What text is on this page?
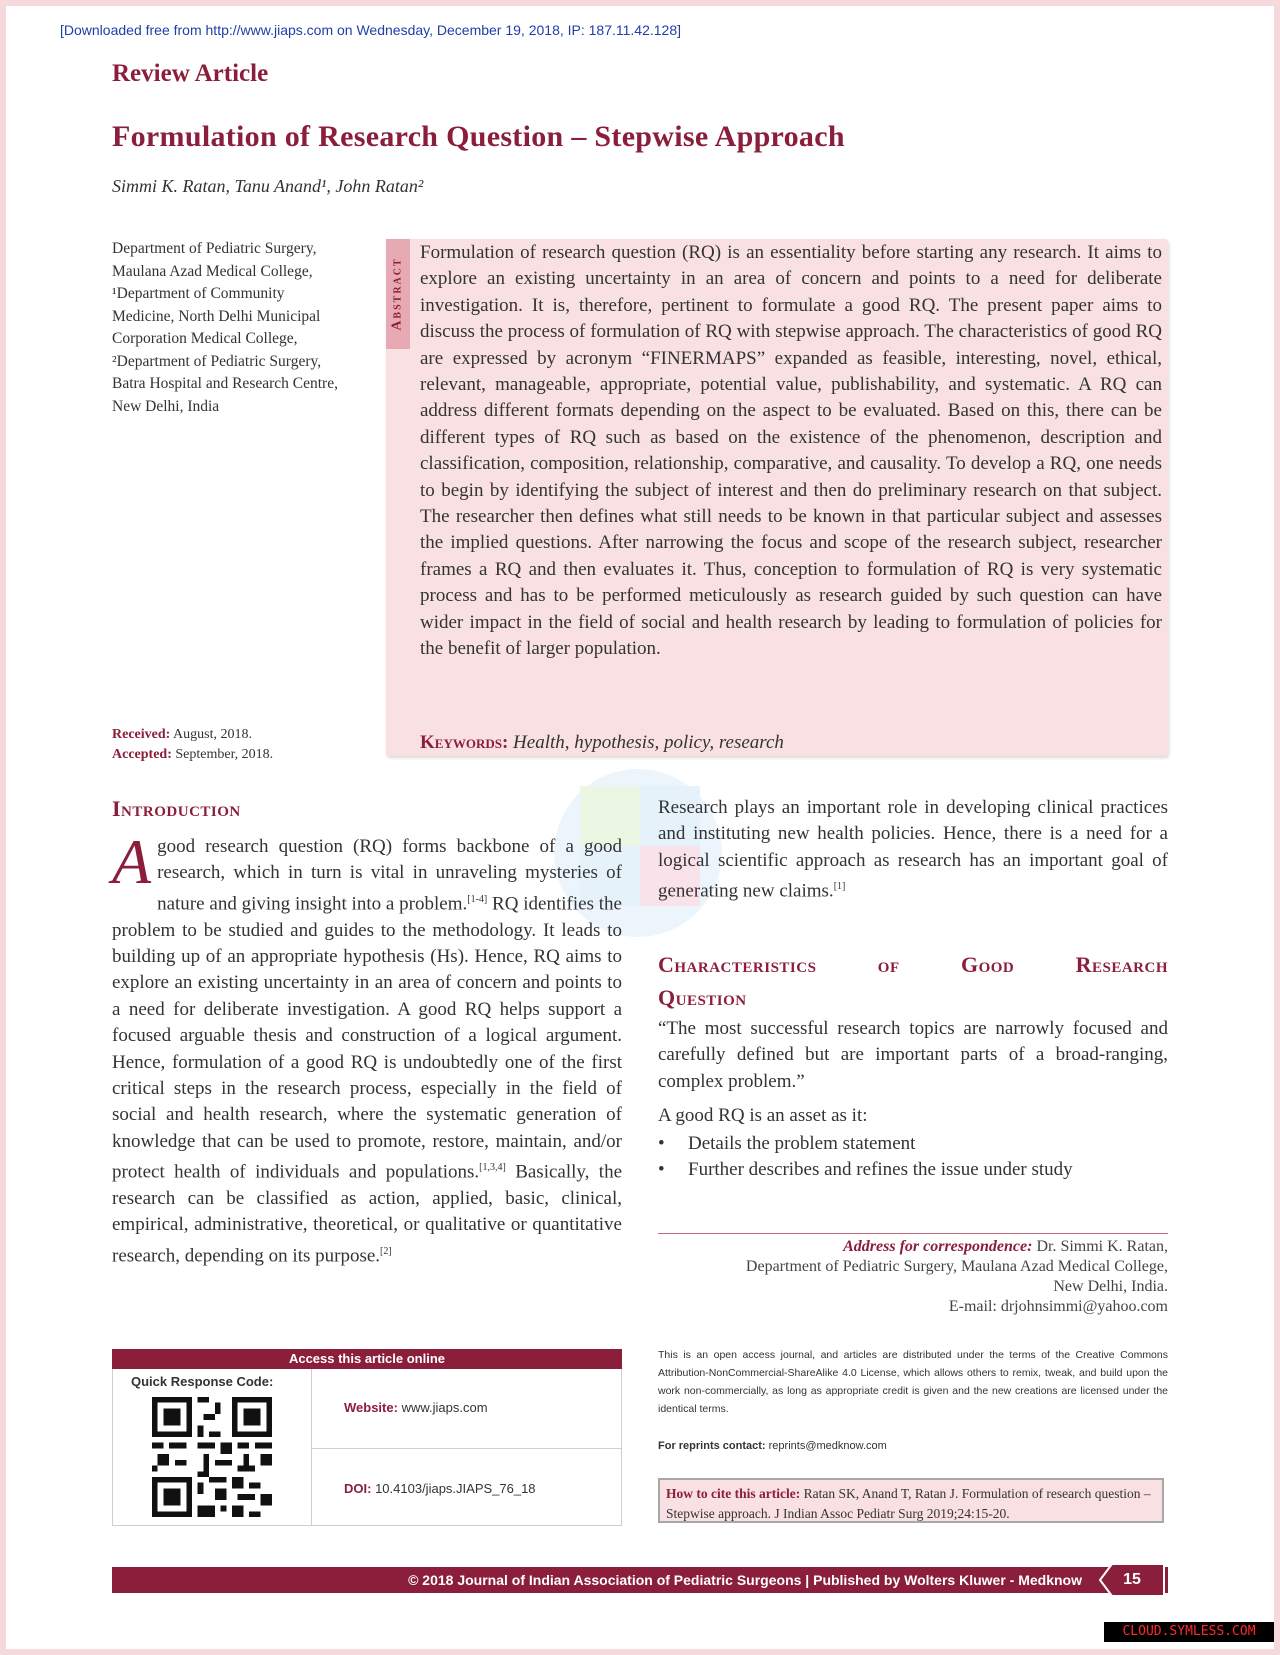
[Downloaded free from http://www.jiaps.com on Wednesday, December 19, 2018, IP: 187.11.42.128]
Review Article
Formulation of Research Question – Stepwise Approach
Simmi K. Ratan, Tanu Anand¹, John Ratan²
Department of Pediatric Surgery, Maulana Azad Medical College, ¹Department of Community Medicine, North Delhi Municipal Corporation Medical College, ²Department of Pediatric Surgery, Batra Hospital and Research Centre, New Delhi, India
Received: August, 2018.
Accepted: September, 2018.
Abstract
Formulation of research question (RQ) is an essentiality before starting any research. It aims to explore an existing uncertainty in an area of concern and points to a need for deliberate investigation. It is, therefore, pertinent to formulate a good RQ. The present paper aims to discuss the process of formulation of RQ with stepwise approach. The characteristics of good RQ are expressed by acronym “FINERMAPS” expanded as feasible, interesting, novel, ethical, relevant, manageable, appropriate, potential value, publishability, and systematic. A RQ can address different formats depending on the aspect to be evaluated. Based on this, there can be different types of RQ such as based on the existence of the phenomenon, description and classification, composition, relationship, comparative, and causality. To develop a RQ, one needs to begin by identifying the subject of interest and then do preliminary research on that subject. The researcher then defines what still needs to be known in that particular subject and assesses the implied questions. After narrowing the focus and scope of the research subject, researcher frames a RQ and then evaluates it. Thus, conception to formulation of RQ is very systematic process and has to be performed meticulously as research guided by such question can have wider impact in the field of social and health research by leading to formulation of policies for the benefit of larger population.
Keywords: Health, hypothesis, policy, research
Introduction
Agood research question (RQ) forms backbone of a good research, which in turn is vital in unraveling mysteries of nature and giving insight into a problem.[1-4] RQ identifies the problem to be studied and guides to the methodology. It leads to building up of an appropriate hypothesis (Hs). Hence, RQ aims to explore an existing uncertainty in an area of concern and points to a need for deliberate investigation. A good RQ helps support a focused arguable thesis and construction of a logical argument. Hence, formulation of a good RQ is undoubtedly one of the first critical steps in the research process, especially in the field of social and health research, where the systematic generation of knowledge that can be used to promote, restore, maintain, and/or protect health of individuals and populations.[1,3,4] Basically, the research can be classified as action, applied, basic, clinical, empirical, administrative, theoretical, or qualitative or quantitative research, depending on its purpose.[2]
Research plays an important role in developing clinical practices and instituting new health policies. Hence, there is a need for a logical scientific approach as research has an important goal of generating new claims.[1]
Characteristics	of	Good	Research
Question
“The most successful research topics are narrowly focused and carefully defined but are important parts of a broad-ranging, complex problem.”
A good RQ is an asset as it:
•	Details the problem statement
•	Further describes and refines the issue under study
Address for correspondence: Dr. Simmi K. Ratan,
Department of Pediatric Surgery, Maulana Azad Medical College,
New Delhi, India.
E-mail: drjohnsimmi@yahoo.com
This is an open access journal, and articles are distributed under the terms of the Creative Commons Attribution-NonCommercial-ShareAlike 4.0 License, which allows others to remix, tweak, and build upon the work non-commercially, as long as appropriate credit is given and the new creations are licensed under the identical terms.
For reprints contact: reprints@medknow.com
How to cite this article: Ratan SK, Anand T, Ratan J. Formulation of research question – Stepwise approach. J Indian Assoc Pediatr Surg 2019;24:15-20.
Access this article online
Quick Response Code:
Website: www.jiaps.com
DOI: 10.4103/jiaps.JIAPS_76_18
© 2018 Journal of Indian Association of Pediatric Surgeons | Published by Wolters Kluwer - Medknow	15
CLOUD.SYMLESS.COM
